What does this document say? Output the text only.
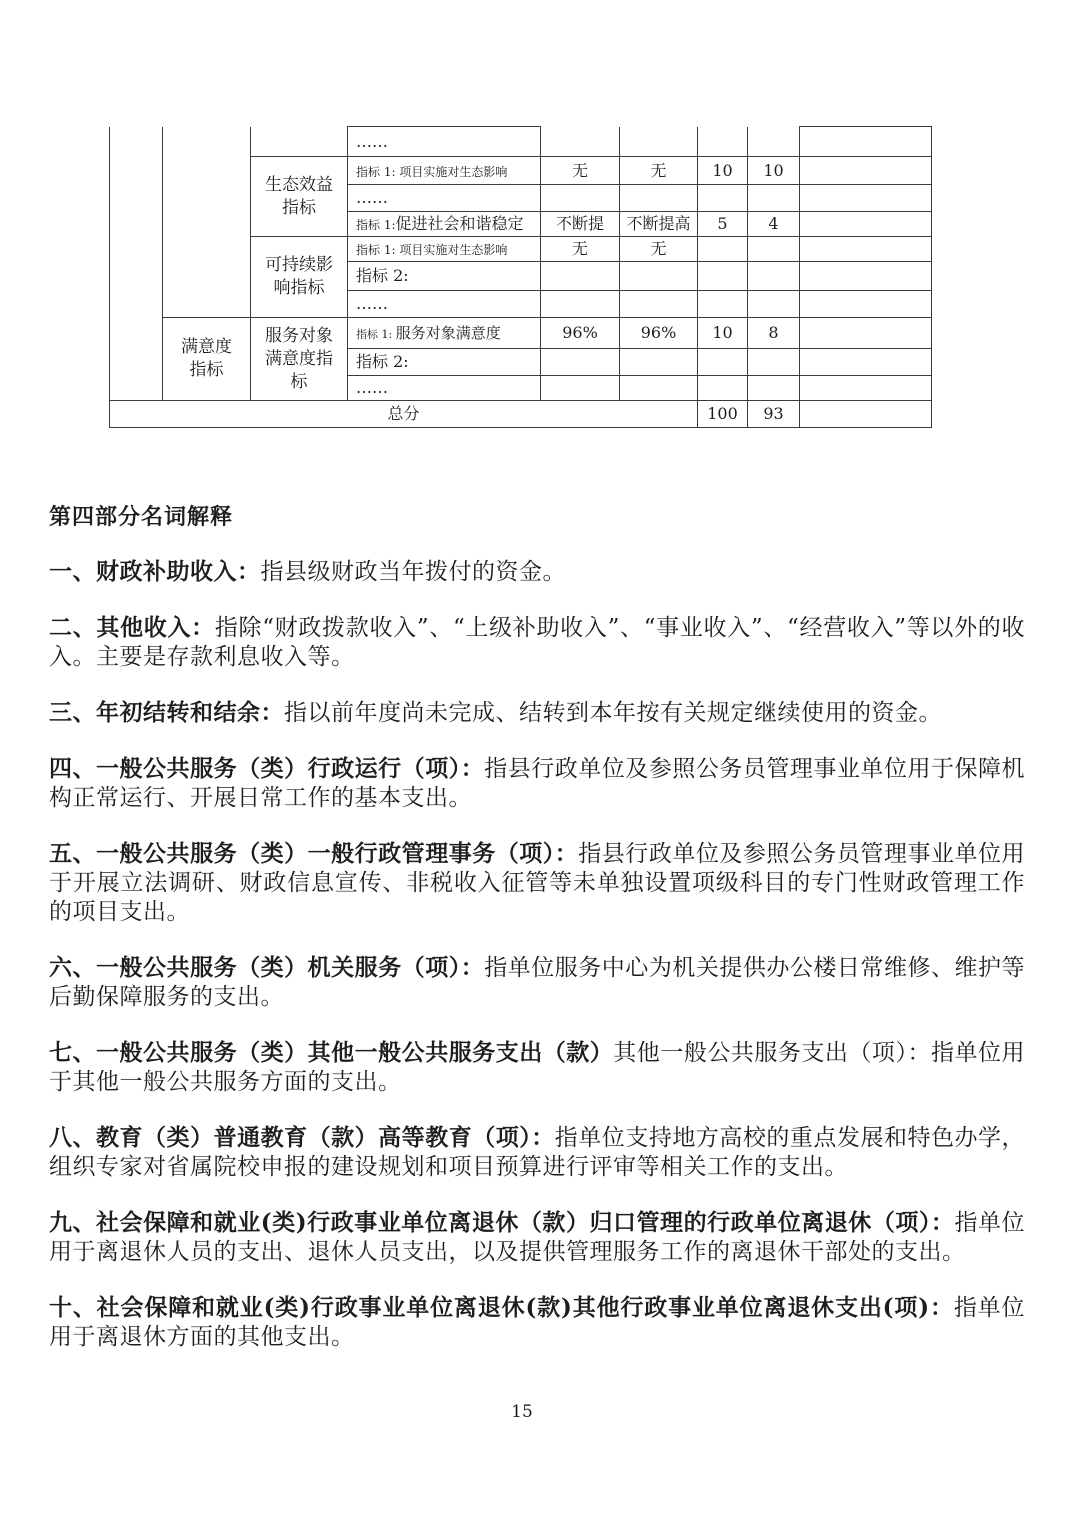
			……					
		生态效益指标	指标 1: 项目实施对生态影响	无	无	10	10	
			……					
			指标 1:促进社会和谐稳定	不断提	不断提高	5	4	
		可持续影响指标	指标 1: 项目实施对生态影响	无	无			
			指标 2:					
			……					
	满意度指标	服务对象满意度指标	指标 1: 服务对象满意度	96%	96%	10	8	
			指标 2:					
			……					
总分						100	93	
第四部分名词解释

一、财政补助收入：指县级财政当年拨付的资金。

二、其他收入：指除“财政拨款收入”、“上级补助收入”、“事业收入”、“经营收入”等以外的收入。主要是存款利息收入等。

三、年初结转和结余：指以前年度尚未完成、结转到本年按有关规定继续使用的资金。

四、一般公共服务（类）行政运行（项）：指县行政单位及参照公务员管理事业单位用于保障机构正常运行、开展日常工作的基本支出。

五、一般公共服务（类）一般行政管理事务（项）：指县行政单位及参照公务员管理事业单位用于开展立法调研、财政信息宣传、非税收入征管等未单独设置项级科目的专门性财政管理工作的项目支出。

六、一般公共服务（类）机关服务（项）：指单位服务中心为机关提供办公楼日常维修、维护等后勤保障服务的支出。

七、一般公共服务（类）其他一般公共服务支出（款）其他一般公共服务支出（项）：指单位用于其他一般公共服务方面的支出。

八、教育（类）普通教育（款）高等教育（项）：指单位支持地方高校的重点发展和特色办学，组织专家对省属院校申报的建设规划和项目预算进行评审等相关工作的支出。

九、社会保障和就业(类)行政事业单位离退休（款）归口管理的行政单位离退休（项）：指单位用于离退休人员的支出、退休人员支出，以及提供管理服务工作的离退休干部处的支出。

十、社会保障和就业(类)行政事业单位离退休(款)其他行政事业单位离退休支出(项)：指单位用于离退休方面的其他支出。

15
